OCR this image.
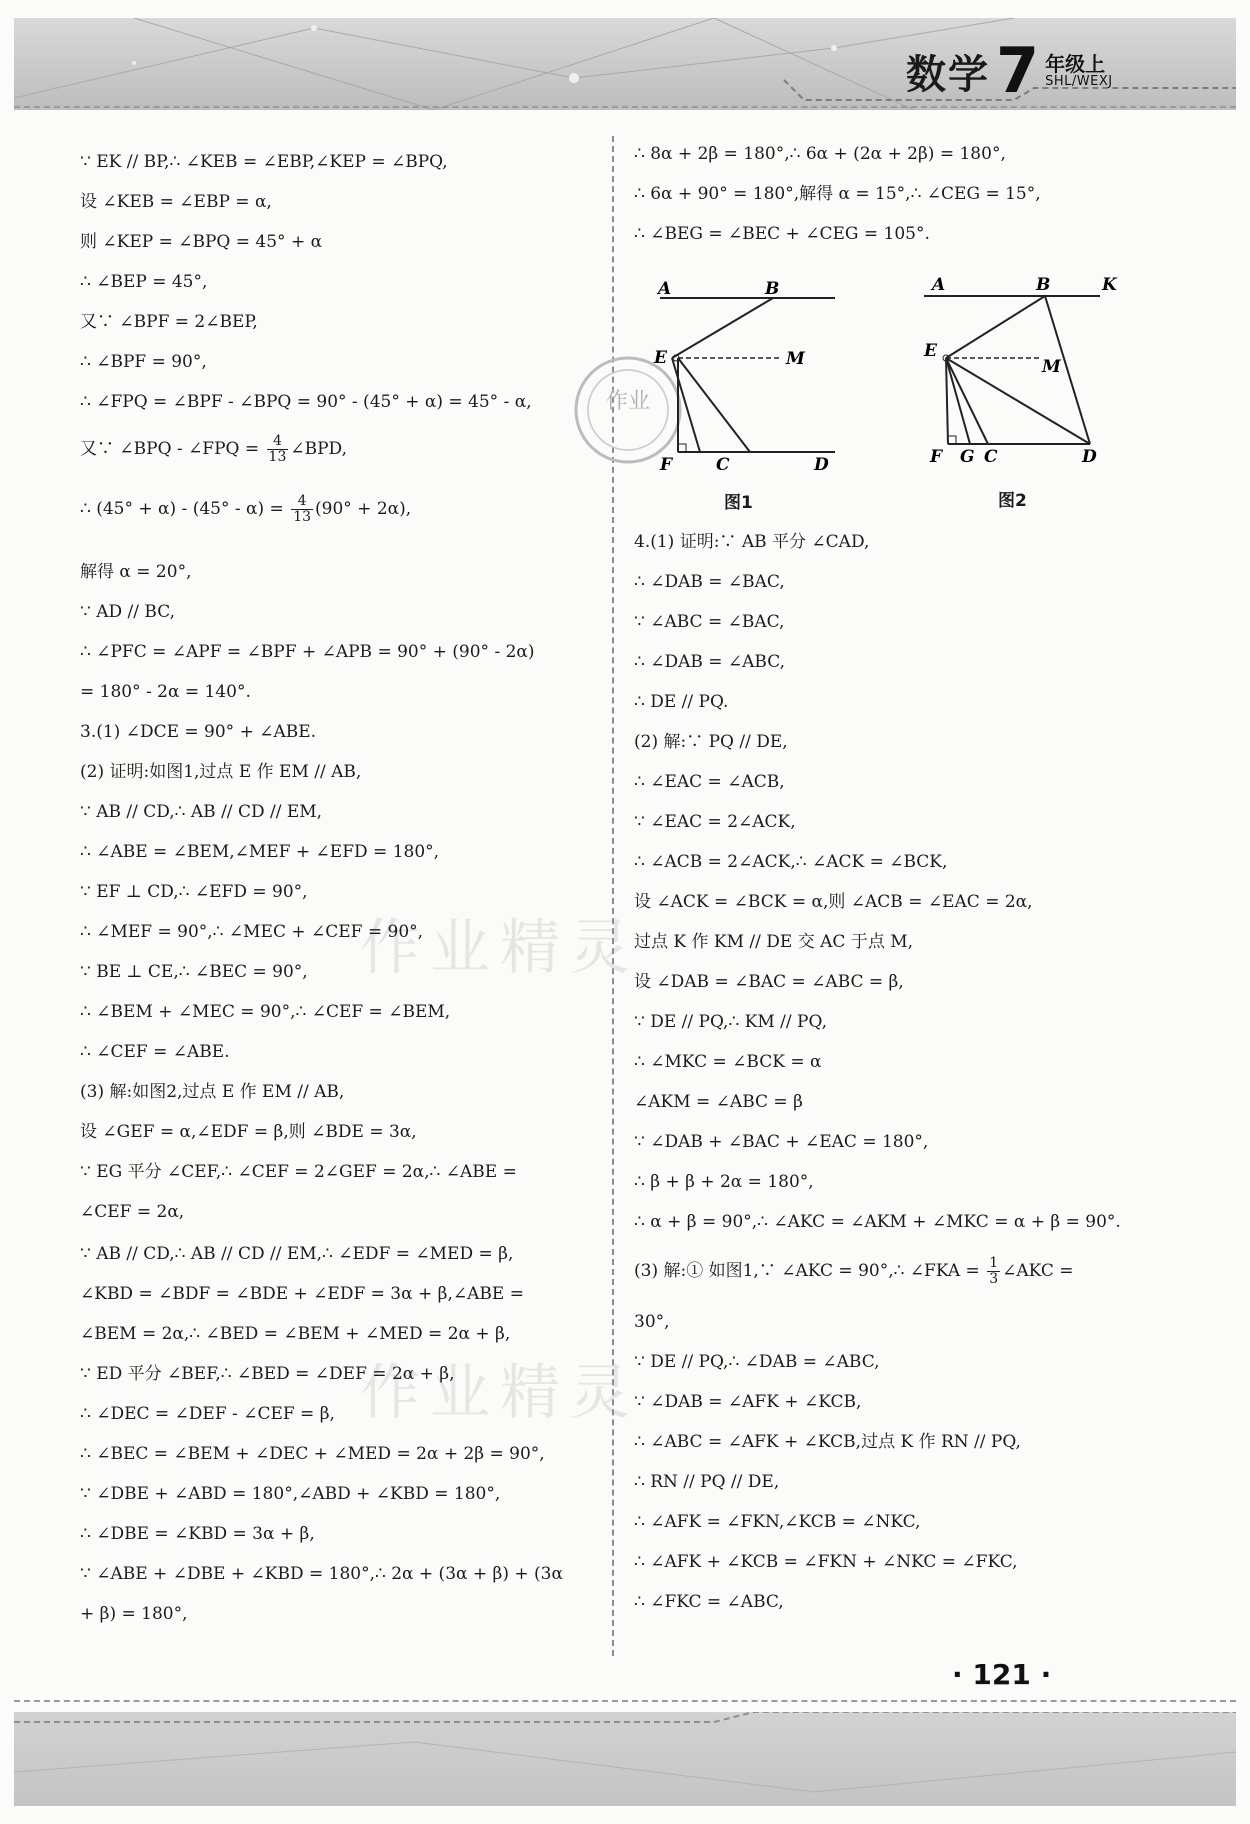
数学 7 年级上
SHL/WEXJ
作业精灵
作业精灵
作业
∵ EK // BP,∴ ∠KEB = ∠EBP,∠KEP = ∠BPQ,
设 ∠KEB = ∠EBP = α,
则 ∠KEP = ∠BPQ = 45° + α
∴ ∠BEP = 45°,
又∵ ∠BPF = 2∠BEP,
∴ ∠BPF = 90°,
∴ ∠FPQ = ∠BPF - ∠BPQ = 90° - (45° + α) = 45° - α,
又∵ ∠BPQ - ∠FPQ = $\frac{4}{13}$ ∠BPD,
∴ $(45^\circ + \alpha) - (45^\circ - \alpha) = \frac{4}{13} (90^\circ + 2\alpha)$,
解得 α = 20°,
∵ AD // BC,
∴ ∠PFC = ∠APF = ∠BPF + ∠APB = 90° + (90° - 2α)
= 180° - 2α = 140°.
3.(1) ∠DCE = 90° + ∠ABE.
(2) 证明:如图1,过点 E 作 EM // AB,
∵ AB // CD,∴ AB // CD // EM,
∴ ∠ABE = ∠BEM,∠MEF + ∠EFD = 180°,
∵ EF ⊥ CD,∴ ∠EFD = 90°,
∴ ∠MEF = 90°,∴ ∠MEC + ∠CEF = 90°,
∵ BE ⊥ CE,∴ ∠BEC = 90°,
∴ ∠BEM + ∠MEC = 90°,∴ ∠CEF = ∠BEM,
∴ ∠CEF = ∠ABE.
(3) 解:如图2,过点 E 作 EM // AB,
设 ∠GEF = α,∠EDF = β,则 ∠BDE = 3α,
∵ EG 平分 ∠CEF,∴ ∠CEF = 2∠GEF = 2α,∴ ∠ABE =
∠CEF = 2α,
∵ AB // CD,∴ AB // CD // EM,∴ ∠EDF = ∠MED = β,
∠KBD = ∠BDF = ∠BDE + ∠EDF = 3α + β,∠ABE =
∠BEM = 2α,∴ ∠BED = ∠BEM + ∠MED = 2α + β,
∵ ED 平分 ∠BEF,∴ ∠BED = ∠DEF = 2α + β,
∴ ∠DEC = ∠DEF - ∠CEF = β,
∴ ∠BEC = ∠BEM + ∠DEC + ∠MED = 2α + 2β = 90°,
∵ ∠DBE + ∠ABD = 180°,∠ABD + ∠KBD = 180°,
∴ ∠DBE = ∠KBD = 3α + β,
∵ ∠ABE + ∠DBE + ∠KBD = 180°,∴ 2α + (3α + β) + (3α
+ β) = 180°,
∴ 8α + 2β = 180°,∴ 6α + (2α + 2β) = 180°,
∴ 6α + 90° = 180°,解得 α = 15°,∴ ∠CEG = 15°,
∴ ∠BEG = ∠BEC + ∠CEG = 105°.
4.(1) 证明:∵ AB 平分 ∠CAD,
∴ ∠DAB = ∠BAC,
∵ ∠ABC = ∠BAC,
∴ ∠DAB = ∠ABC,
∴ DE // PQ.
(2) 解:∵ PQ // DE,
∴ ∠EAC = ∠ACB,
∵ ∠EAC = 2∠ACK,
∴ ∠ACB = 2∠ACK,∴ ∠ACK = ∠BCK,
设 ∠ACK = ∠BCK = α,则 ∠ACB = ∠EAC = 2α,
过点 K 作 KM // DE 交 AC 于点 M,
设 ∠DAB = ∠BAC = ∠ABC = β,
∵ DE // PQ,∴ KM // PQ,
∴ ∠MKC = ∠BCK = α
∠AKM = ∠ABC = β
∵ ∠DAB + ∠BAC + ∠EAC = 180°,
∴ β + β + 2α = 180°,
∴ α + β = 90°,∴ ∠AKC = ∠AKM + ∠MKC = α + β = 90°.
(3) 解:① 如图1,∵ ∠AKC = 90°,∴ ∠FKA = $\frac{1}{3}$ ∠AKC =
30°,
∵ DE // PQ,∴ ∠DAB = ∠ABC,
∵ ∠DAB = ∠AFK + ∠KCB,
∴ ∠ABC = ∠AFK + ∠KCB,过点 K 作 RN // PQ,
∴ RN // PQ // DE,
∴ ∠AFK = ∠FKN,∠KCB = ∠NKC,
∴ ∠AFK + ∠KCB = ∠FKN + ∠NKC = ∠FKC,
∴ ∠FKC = ∠ABC,
A	B
E	M
F	C	D
图1
A	B	K
E
M
F G C	D
图2
· 121 ·
